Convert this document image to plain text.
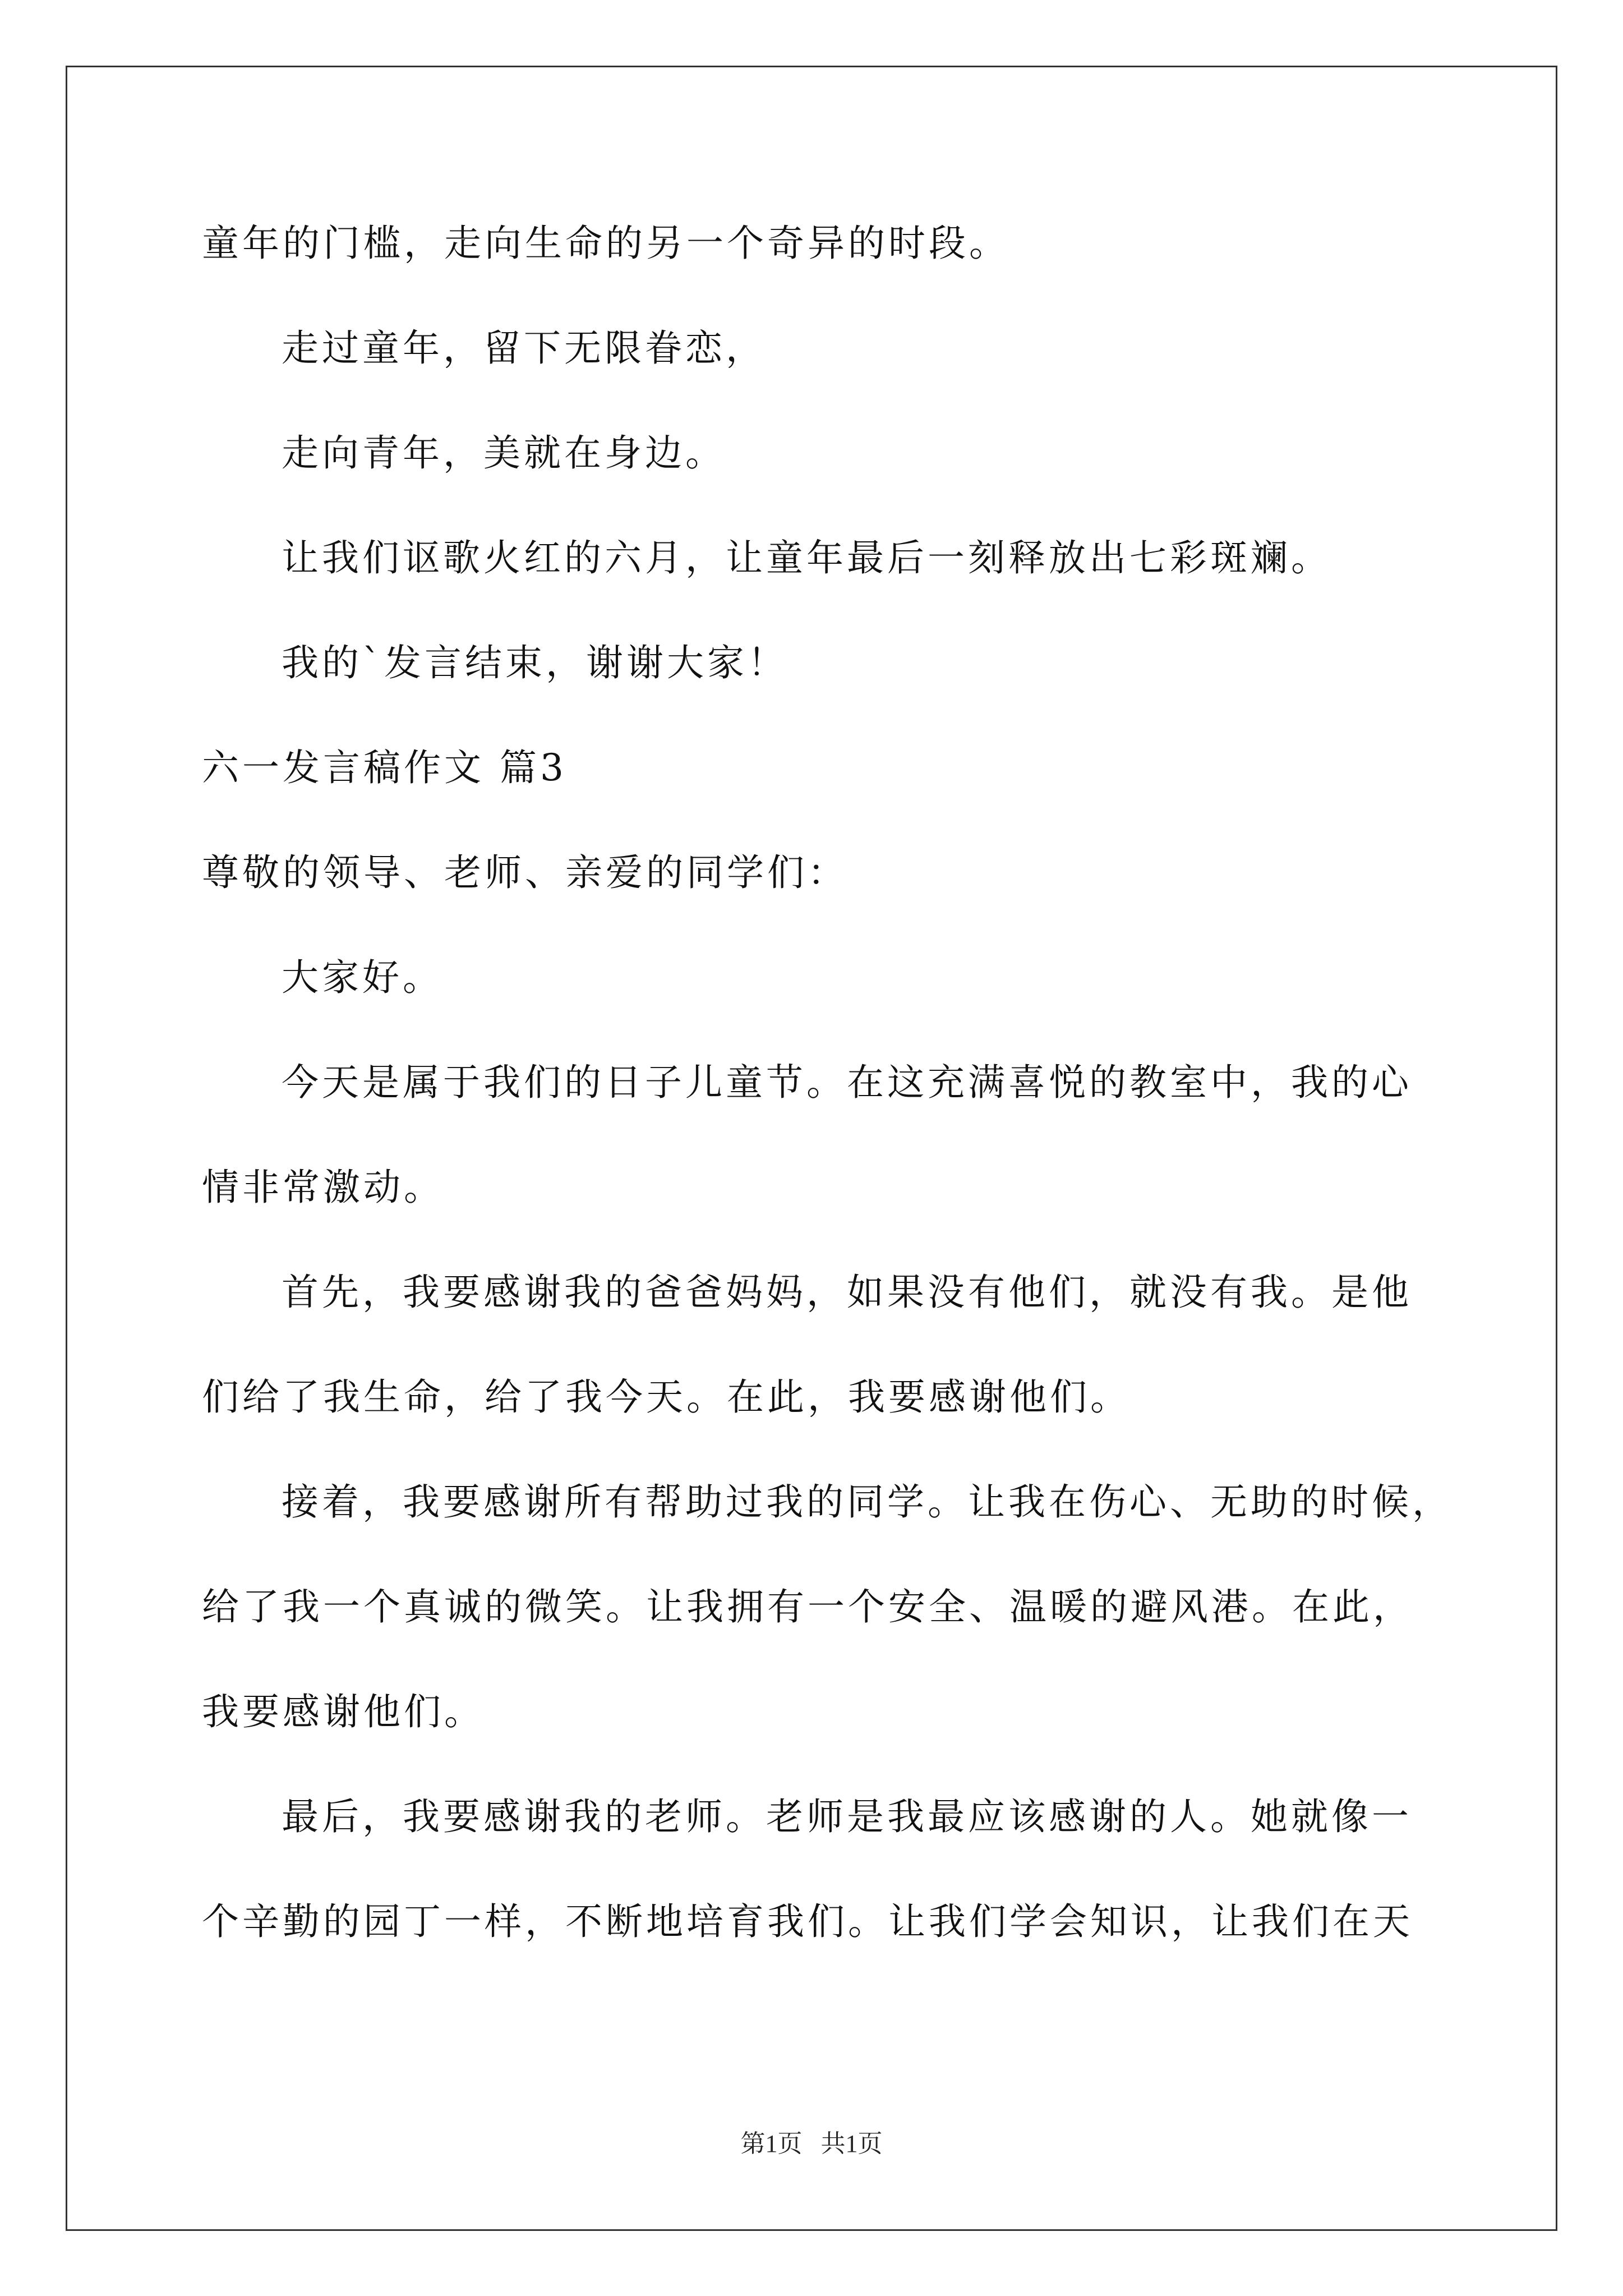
童年的门槛，走向生命的另一个奇异的时段。
走过童年，留下无限眷恋，
走向青年，美就在身边。
让我们讴歌火红的六月，让童年最后一刻释放出七彩斑斓。
我的`发言结束，谢谢大家！
六一发言稿作文 篇3
尊敬的领导、老师、亲爱的同学们：
大家好。
今天是属于我们的日子儿童节。在这充满喜悦的教室中，我的心
情非常激动。
首先，我要感谢我的爸爸妈妈，如果没有他们，就没有我。是他
们给了我生命，给了我今天。在此，我要感谢他们。
接着，我要感谢所有帮助过我的同学。让我在伤心、无助的时候，
给了我一个真诚的微笑。让我拥有一个安全、温暖的避风港。在此，
我要感谢他们。
最后，我要感谢我的老师。老师是我最应该感谢的人。她就像一
个辛勤的园丁一样，不断地培育我们。让我们学会知识，让我们在天
第1页   共1页
